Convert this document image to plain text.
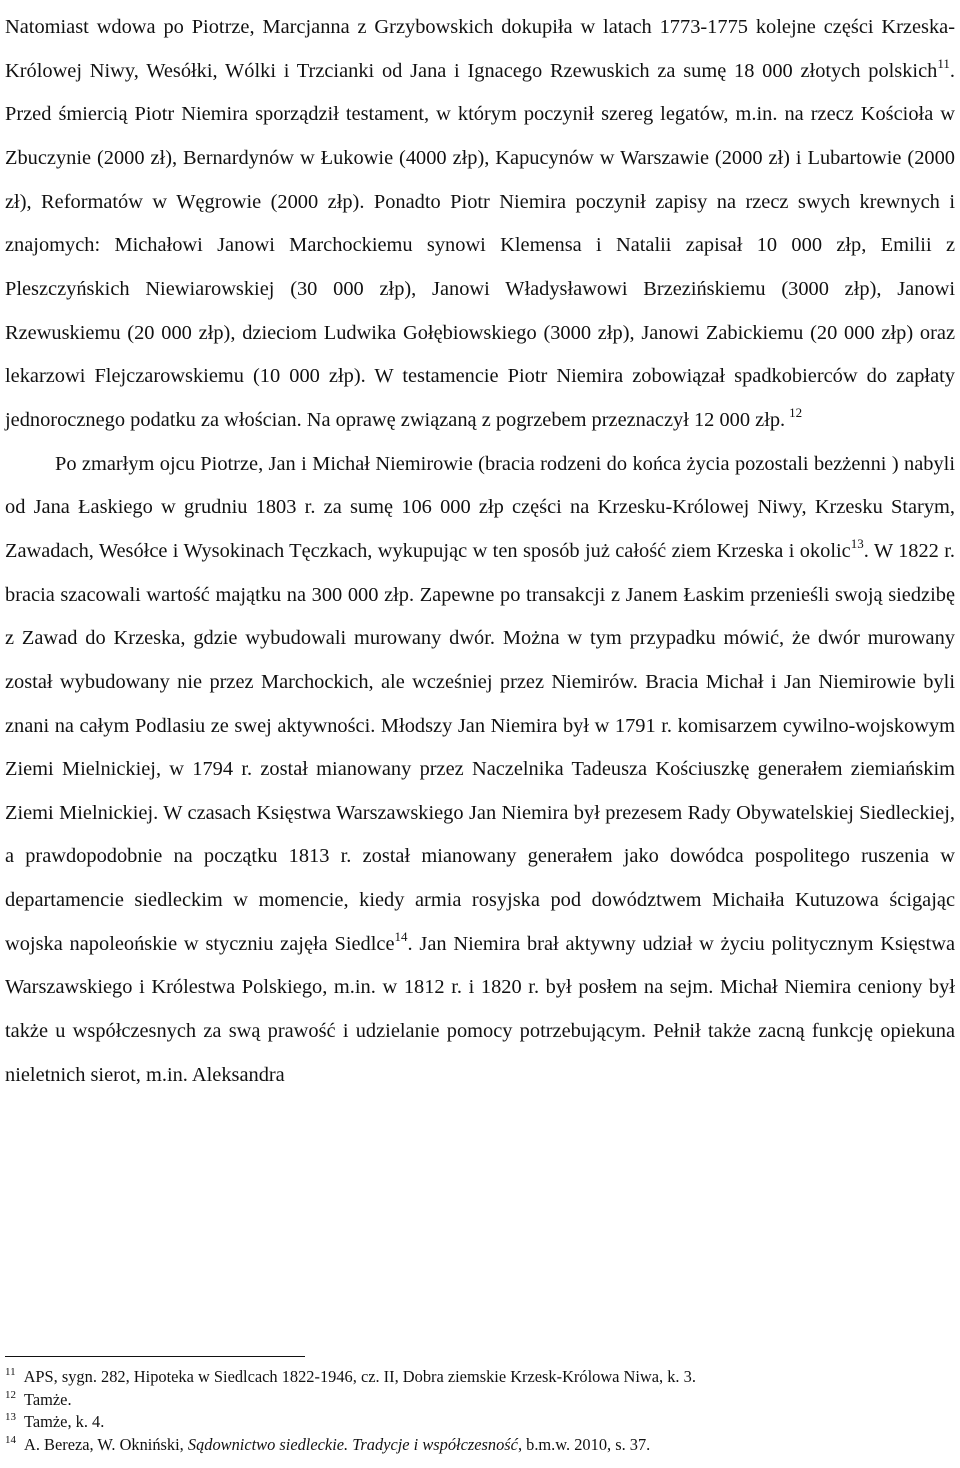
Natomiast wdowa po Piotrze, Marcjanna z Grzybowskich dokupiła w latach 1773-1775 kolejne części Krzeska- Królowej Niwy, Wesółki, Wólki i Trzcianki od Jana i Ignacego Rzewuskich za sumę 18 000 złotych polskich$^{11}$. Przed śmiercią Piotr Niemira sporządził testament, w którym poczynił szereg legatów, m.in. na rzecz Kościoła w Zbuczynie (2000 zł), Bernardynów w Łukowie (4000 złp), Kapucynów w Warszawie (2000 zł) i Lubartowie (2000 zł), Reformatów w Węgrowie (2000 złp). Ponadto Piotr Niemira poczynił zapisy na rzecz swych krewnych i znajomych: Michałowi Janowi Marchockiemu synowi Klemensa i Natalii zapisał 10 000 złp, Emilii z Pleszczyńskich Niewiarowskiej (30 000 złp), Janowi Władysławowi Brzezińskiemu (3000 złp), Janowi Rzewuskiemu (20 000 złp), dzieciom Ludwika Gołębiowskiego (3000 złp), Janowi Zabickiemu (20 000 złp) oraz lekarzowi Flejczarowskiemu (10 000 złp). W testamencie Piotr Niemira zobowiązał spadkobierców do zapłaty jednorocznego podatku za włościan. Na oprawę związaną z pogrzebem przeznaczył 12 000 złp. $^{12}$

Po zmarłym ojcu Piotrze, Jan i Michał Niemirowie (bracia rodzeni do końca życia pozostali bezżenni ) nabyli od Jana Łaskiego w grudniu 1803 r. za sumę 106 000 złp części na Krzesku-Królowej Niwy, Krzesku Starym, Zawadach, Wesółce i Wysokinach Tęczkach, wykupując w ten sposób już całość ziem Krzeska i okolic$^{13}$. W 1822 r. bracia szacowali wartość majątku na 300 000 złp. Zapewne po transakcji z Janem Łaskim przenieśli swoją siedzibę z Zawad do Krzeska, gdzie wybudowali murowany dwór. Można w tym przypadku mówić, że dwór murowany został wybudowany nie przez Marchockich, ale wcześniej przez Niemirów. Bracia Michał i Jan Niemirowie byli znani na całym Podlasiu ze swej aktywności. Młodszy Jan Niemira był w 1791 r. komisarzem cywilno-wojskowym Ziemi Mielnickiej, w 1794 r. został mianowany przez Naczelnika Tadeusza Kościuszkę generałem ziemiańskim Ziemi Mielnickiej. W czasach Księstwa Warszawskiego Jan Niemira był prezesem Rady Obywatelskiej Siedleckiej, a prawdopodobnie na początku 1813 r. został mianowany generałem jako dowódca pospolitego ruszenia w departamencie siedleckim w momencie, kiedy armia rosyjska pod dowództwem Michaiła Kutuzowa ścigając wojska napoleońskie w styczniu zajęła Siedlce$^{14}$. Jan Niemira brał aktywny udział w życiu politycznym Księstwa Warszawskiego i Królestwa Polskiego, m.in. w 1812 r. i 1820 r. był posłem na sejm. Michał Niemira ceniony był także u współczesnych za swą prawość i udzielanie pomocy potrzebującym. Pełnił także zacną funkcję opiekuna nieletnich sierot, m.in. Aleksandra

$^{11}$ APS, sygn. 282, Hipoteka w Siedlcach 1822-1946, cz. II, Dobra ziemskie Krzesk-Królowa Niwa, k. 3.

$^{12}$ Tamże.

$^{13}$ Tamże, k. 4.

$^{14}$ A. Bereza, W. Okniński, Sądownictwo siedleckie. Tradycje i współczesność, b.m.w. 2010, s. 37.
